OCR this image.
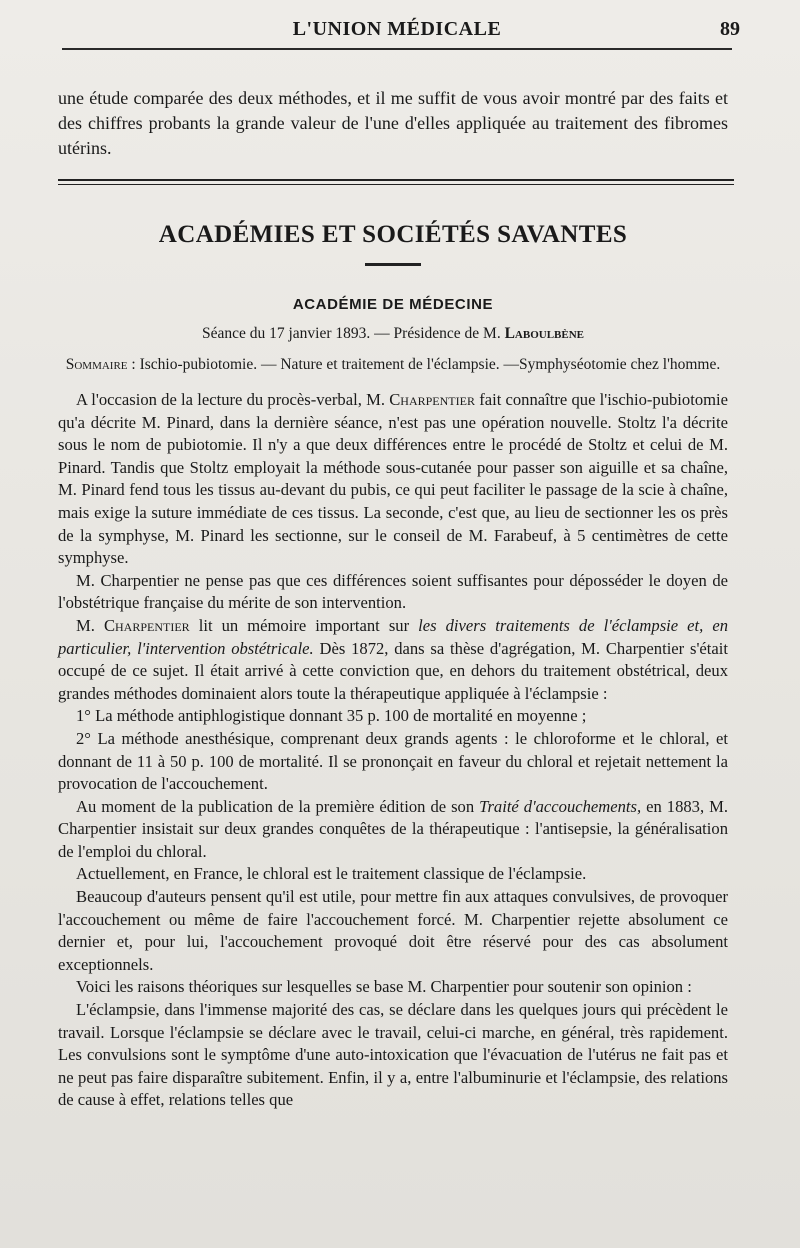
L'UNION MÉDICALE	89

une étude comparée des deux méthodes, et il me suffit de vous avoir montré par des faits et des chiffres probants la grande valeur de l'une d'elles appliquée au traitement des fibromes utérins.

ACADÉMIES ET SOCIÉTÉS SAVANTES
ACADÉMIE DE MÉDECINE
Séance du 17 janvier 1893. — Présidence de M. Laboulbène

Sommaire : Ischio-pubiotomie. — Nature et traitement de l'éclampsie. —Symphyséotomie chez l'homme.

A l'occasion de la lecture du procès-verbal, M. Charpentier fait connaître que l'ischio-pubiotomie qu'a décrite M. Pinard, dans la dernière séance, n'est pas une opération nouvelle. Stoltz l'a décrite sous le nom de pubiotomie. Il n'y a que deux différences entre le procédé de Stoltz et celui de M. Pinard. Tandis que Stoltz employait la méthode sous-cutanée pour passer son aiguille et sa chaîne, M. Pinard fend tous les tissus au-devant du pubis, ce qui peut faciliter le passage de la scie à chaîne, mais exige la suture immédiate de ces tissus. La seconde, c'est que, au lieu de sectionner les os près de la symphyse, M. Pinard les sectionne, sur le conseil de M. Farabeuf, à 5 centimètres de cette symphyse.

M. Charpentier ne pense pas que ces différences soient suffisantes pour déposséder le doyen de l'obstétrique française du mérite de son intervention.

M. Charpentier lit un mémoire important sur les divers traitements de l'éclampsie et, en particulier, l'intervention obstétricale. Dès 1872, dans sa thèse d'agrégation, M. Charpentier s'était occupé de ce sujet. Il était arrivé à cette conviction que, en dehors du traitement obstétrical, deux grandes méthodes dominaient alors toute la thérapeutique appliquée à l'éclampsie :

1° La méthode antiphlogistique donnant 35 p. 100 de mortalité en moyenne ;

2° La méthode anesthésique, comprenant deux grands agents : le chloroforme et le chloral, et donnant de 11 à 50 p. 100 de mortalité. Il se prononçait en faveur du chloral et rejetait nettement la provocation de l'accouchement.

Au moment de la publication de la première édition de son Traité d'accouchements, en 1883, M. Charpentier insistait sur deux grandes conquêtes de la thérapeutique : l'antisepsie, la généralisation de l'emploi du chloral.

Actuellement, en France, le chloral est le traitement classique de l'éclampsie.

Beaucoup d'auteurs pensent qu'il est utile, pour mettre fin aux attaques convulsives, de provoquer l'accouchement ou même de faire l'accouchement forcé. M. Charpentier rejette absolument ce dernier et, pour lui, l'accouchement provoqué doit être réservé pour des cas absolument exceptionnels.

Voici les raisons théoriques sur lesquelles se base M. Charpentier pour soutenir son opinion :

L'éclampsie, dans l'immense majorité des cas, se déclare dans les quelques jours qui précèdent le travail. Lorsque l'éclampsie se déclare avec le travail, celui-ci marche, en général, très rapidement. Les convulsions sont le symptôme d'une auto-intoxication que l'évacuation de l'utérus ne fait pas et ne peut pas faire disparaître subitement. Enfin, il y a, entre l'albuminurie et l'éclampsie, des relations de cause à effet, relations telles que
